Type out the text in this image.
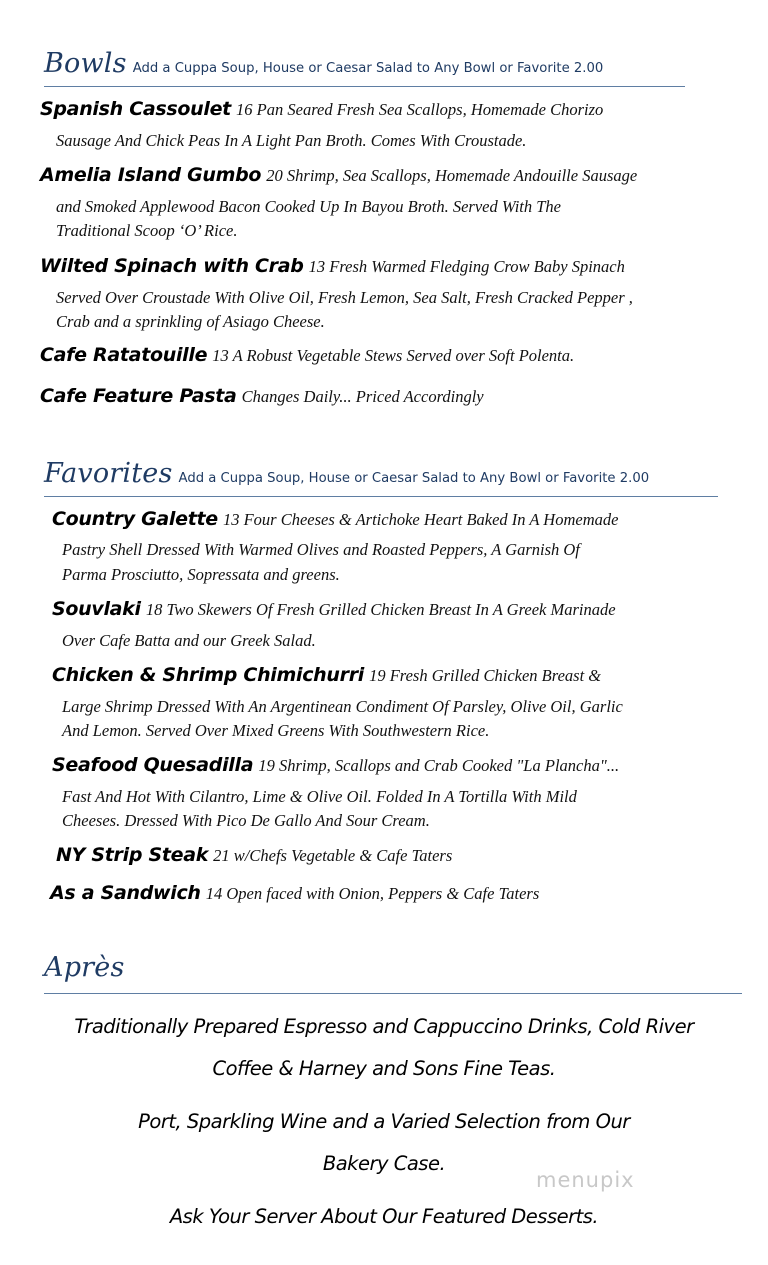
Bowls Add a Cuppa Soup, House or Caesar Salad to Any Bowl or Favorite 2.00
Spanish Cassoulet 16 Pan Seared Fresh Sea Scallops, Homemade Chorizo
Sausage And Chick Peas In A Light Pan Broth. Comes With Croustade.
Amelia Island Gumbo 20 Shrimp, Sea Scallops, Homemade Andouille Sausage
and Smoked Applewood Bacon Cooked Up In Bayou Broth. Served With The
Traditional Scoop ‘O’ Rice.
Wilted Spinach with Crab 13 Fresh Warmed Fledging Crow Baby Spinach
Served Over Croustade With Olive Oil, Fresh Lemon, Sea Salt, Fresh Cracked Pepper ,
Crab and a sprinkling of Asiago Cheese.
Cafe Ratatouille 13 A Robust Vegetable Stews Served over Soft Polenta.
Cafe Feature Pasta Changes Daily... Priced Accordingly
Favorites Add a Cuppa Soup, House or Caesar Salad to Any Bowl or Favorite 2.00
Country Galette 13 Four Cheeses & Artichoke Heart Baked In A Homemade
Pastry Shell Dressed With Warmed Olives and Roasted Peppers, A Garnish Of
Parma Prosciutto, Sopressata and greens.
Souvlaki 18 Two Skewers Of Fresh Grilled Chicken Breast In A Greek Marinade
Over Cafe Batta and our Greek Salad.
Chicken & Shrimp Chimichurri 19 Fresh Grilled Chicken Breast &
Large Shrimp Dressed With An Argentinean Condiment Of Parsley, Olive Oil, Garlic
And Lemon. Served Over Mixed Greens With Southwestern Rice.
Seafood Quesadilla 19 Shrimp, Scallops and Crab Cooked "La Plancha"...
Fast And Hot With Cilantro, Lime & Olive Oil. Folded In A Tortilla With Mild
Cheeses. Dressed With Pico De Gallo And Sour Cream.
NY Strip Steak 21 w/Chefs Vegetable & Cafe Taters
As a Sandwich 14 Open faced with Onion, Peppers & Cafe Taters
Après
Traditionally Prepared Espresso and Cappuccino Drinks, Cold River
Coffee & Harney and Sons Fine Teas.
Port, Sparkling Wine and a Varied Selection from Our
Bakery Case.
Ask Your Server About Our Featured Desserts.
menupix
